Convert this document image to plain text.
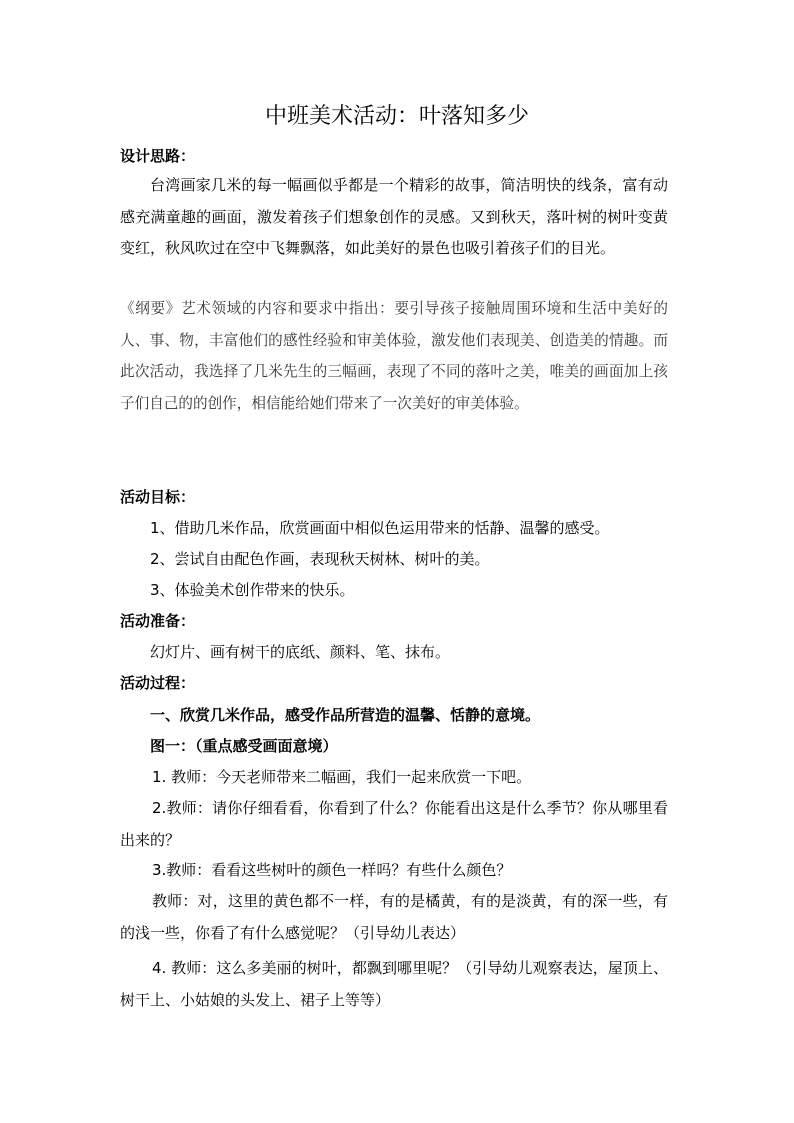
中班美术活动：叶落知多少
设计思路：
台湾画家几米的每一幅画似乎都是一个精彩的故事，简洁明快的线条，富有动感充满童趣的画面，激发着孩子们想象创作的灵感。又到秋天，落叶树的树叶变黄变红，秋风吹过在空中飞舞飘落，如此美好的景色也吸引着孩子们的目光。
《纲要》艺术领域的内容和要求中指出：要引导孩子接触周围环境和生活中美好的人、事、物，丰富他们的感性经验和审美体验，激发他们表现美、创造美的情趣。而此次活动，我选择了几米先生的三幅画，表现了不同的落叶之美，唯美的画面加上孩子们自己的的创作，相信能给她们带来了一次美好的审美体验。
活动目标：
1、借助几米作品，欣赏画面中相似色运用带来的恬静、温馨的感受。
2、尝试自由配色作画，表现秋天树林、树叶的美。
3、体验美术创作带来的快乐。
活动准备：
幻灯片、画有树干的底纸、颜料、笔、抹布。
活动过程：
一、欣赏几米作品，感受作品所营造的温馨、恬静的意境。
图一：（重点感受画面意境）
1. 教师：今天老师带来二幅画，我们一起来欣赏一下吧。
2.教师：请你仔细看看，你看到了什么？你能看出这是什么季节？你从哪里看出来的？
3.教师：看看这些树叶的颜色一样吗？有些什么颜色？
教师：对，这里的黄色都不一样，有的是橘黄，有的是淡黄，有的深一些，有的浅一些，你看了有什么感觉呢？（引导幼儿表达）
4. 教师：这么多美丽的树叶，都飘到哪里呢？（引导幼儿观察表达，屋顶上、树干上、小姑娘的头发上、裙子上等等）
